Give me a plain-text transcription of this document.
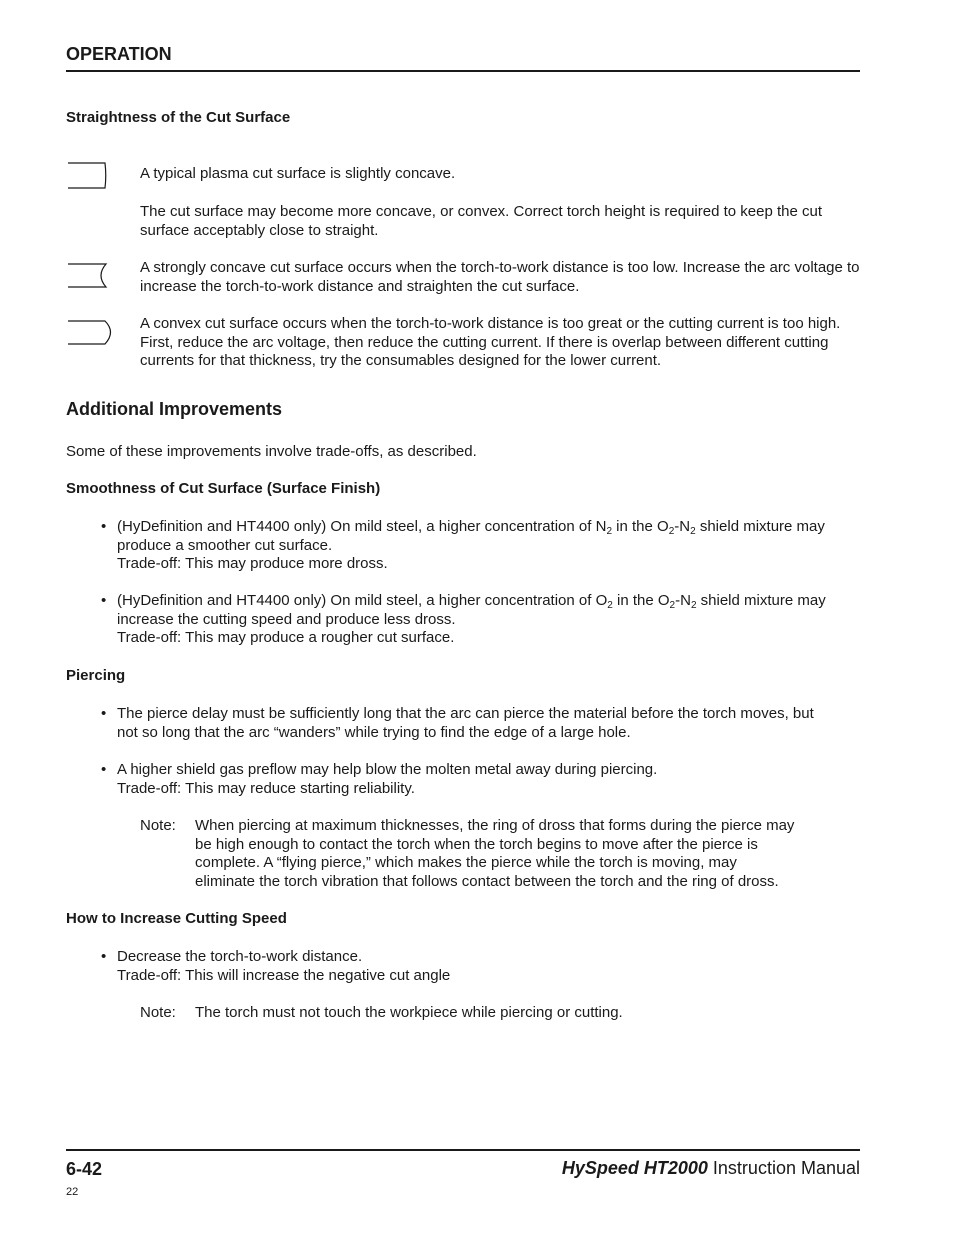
OPERATION
Straightness of the Cut Surface
A typical plasma cut surface is slightly concave.
The cut surface may become more concave, or convex. Correct torch height is required to keep the cut surface acceptably close to straight.
A strongly concave cut surface occurs when the torch-to-work distance is too low. Increase the arc voltage to increase the torch-to-work distance and straighten the cut surface.
A convex cut surface occurs when the torch-to-work distance is too great or the cutting current is too high. First, reduce the arc voltage, then reduce the cutting current. If there is overlap between different cutting currents for that thickness, try the consumables designed for the lower current.
Additional Improvements
Some of these improvements involve trade-offs, as described.
Smoothness of Cut Surface (Surface Finish)
• (HyDefinition and HT4400 only) On mild steel, a higher concentration of $N_2$ in the $O_2-N_2$ shield mixture may
produce a smoother cut surface.
Trade-off: This may produce more dross.
• (HyDefinition and HT4400 only) On mild steel, a higher concentration of $O_2$ in the $O_2-N_2$ shield mixture may
increase the cutting speed and produce less dross.
Trade-off: This may produce a rougher cut surface.
Piercing
• The pierce delay must be sufficiently long that the arc can pierce the material before the torch moves, but
not so long that the arc “wanders” while trying to find the edge of a large hole.
• A higher shield gas preflow may help blow the molten metal away during piercing.
Trade-off: This may reduce starting reliability.
Note: When piercing at maximum thicknesses, the ring of dross that forms during the pierce may
be high enough to contact the torch when the torch begins to move after the pierce is
complete. A “flying pierce,” which makes the pierce while the torch is moving, may
eliminate the torch vibration that follows contact between the torch and the ring of dross.
How to Increase Cutting Speed
• Decrease the torch-to-work distance.
Trade-off: This will increase the negative cut angle
Note: The torch must not touch the workpiece while piercing or cutting.
6-42	HySpeed HT2000 Instruction Manual
22
